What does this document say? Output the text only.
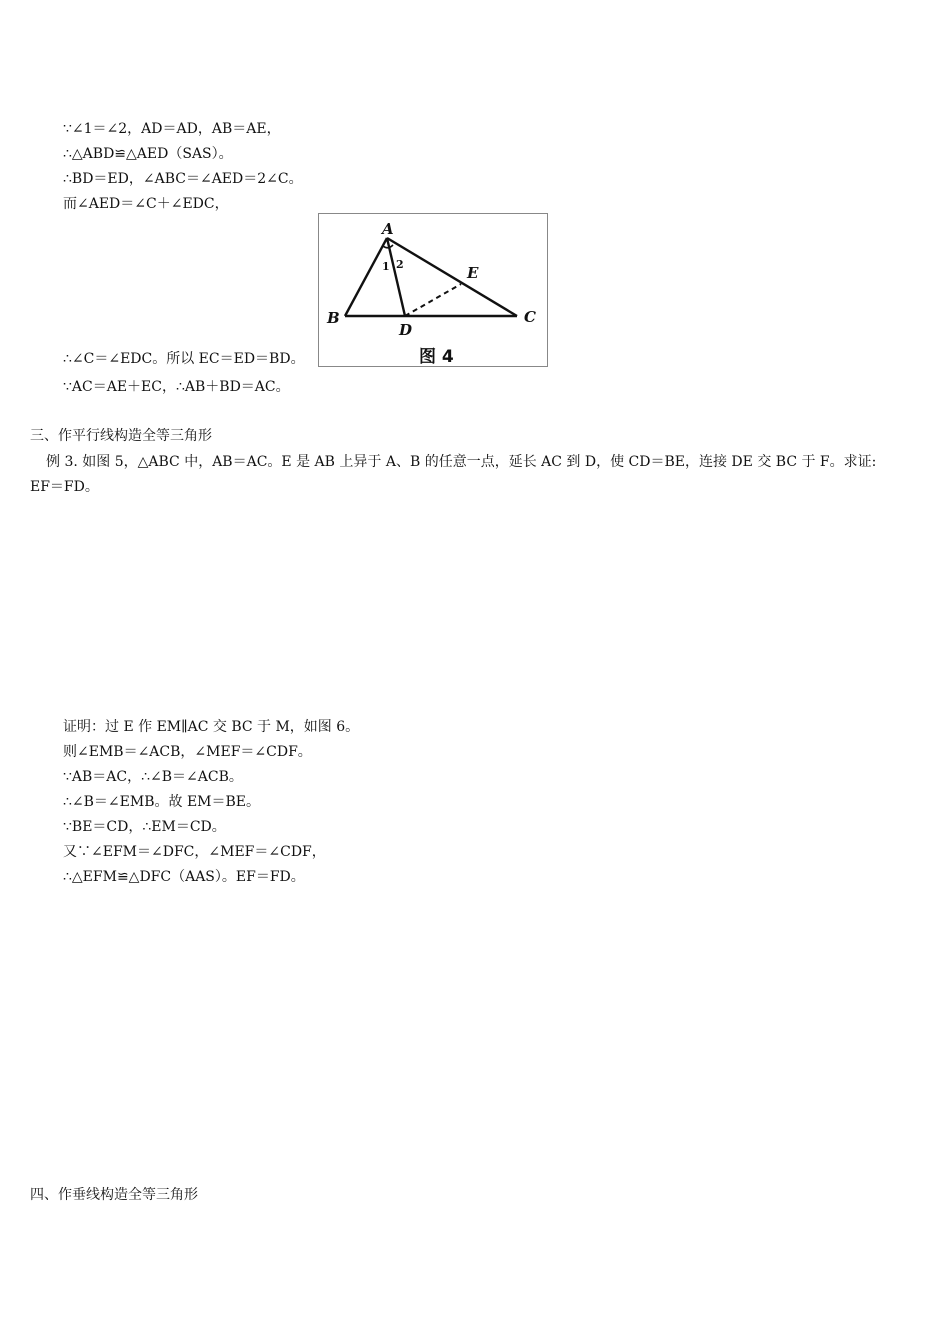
∵∠1＝∠2，AD＝AD，AB＝AE，
∴△ABD≌△AED（SAS）。
∴BD＝ED，∠ABC＝∠AED＝2∠C。
而∠AED＝∠C＋∠EDC，
A
B	C
D
E
1 2
图 4
∴∠C＝∠EDC。所以 EC＝ED＝BD。
∵AC＝AE＋EC，∴AB＋BD＝AC。
三、作平行线构造全等三角形
例 3. 如图 5，△ABC 中，AB＝AC。E 是 AB 上异于 A、B 的任意一点，延长 AC 到 D，使 CD＝BE，连接 DE 交 BC 于 F。求证:
EF＝FD。
证明：过 E 作 EM∥AC 交 BC 于 M，如图 6。
则∠EMB＝∠ACB，∠MEF＝∠CDF。
∵AB＝AC，∴∠B＝∠ACB。
∴∠B＝∠EMB。故 EM＝BE。
∵BE＝CD，∴EM＝CD。
又∵∠EFM＝∠DFC，∠MEF＝∠CDF，
∴△EFM≌△DFC（AAS）。EF＝FD。
四、作垂线构造全等三角形
